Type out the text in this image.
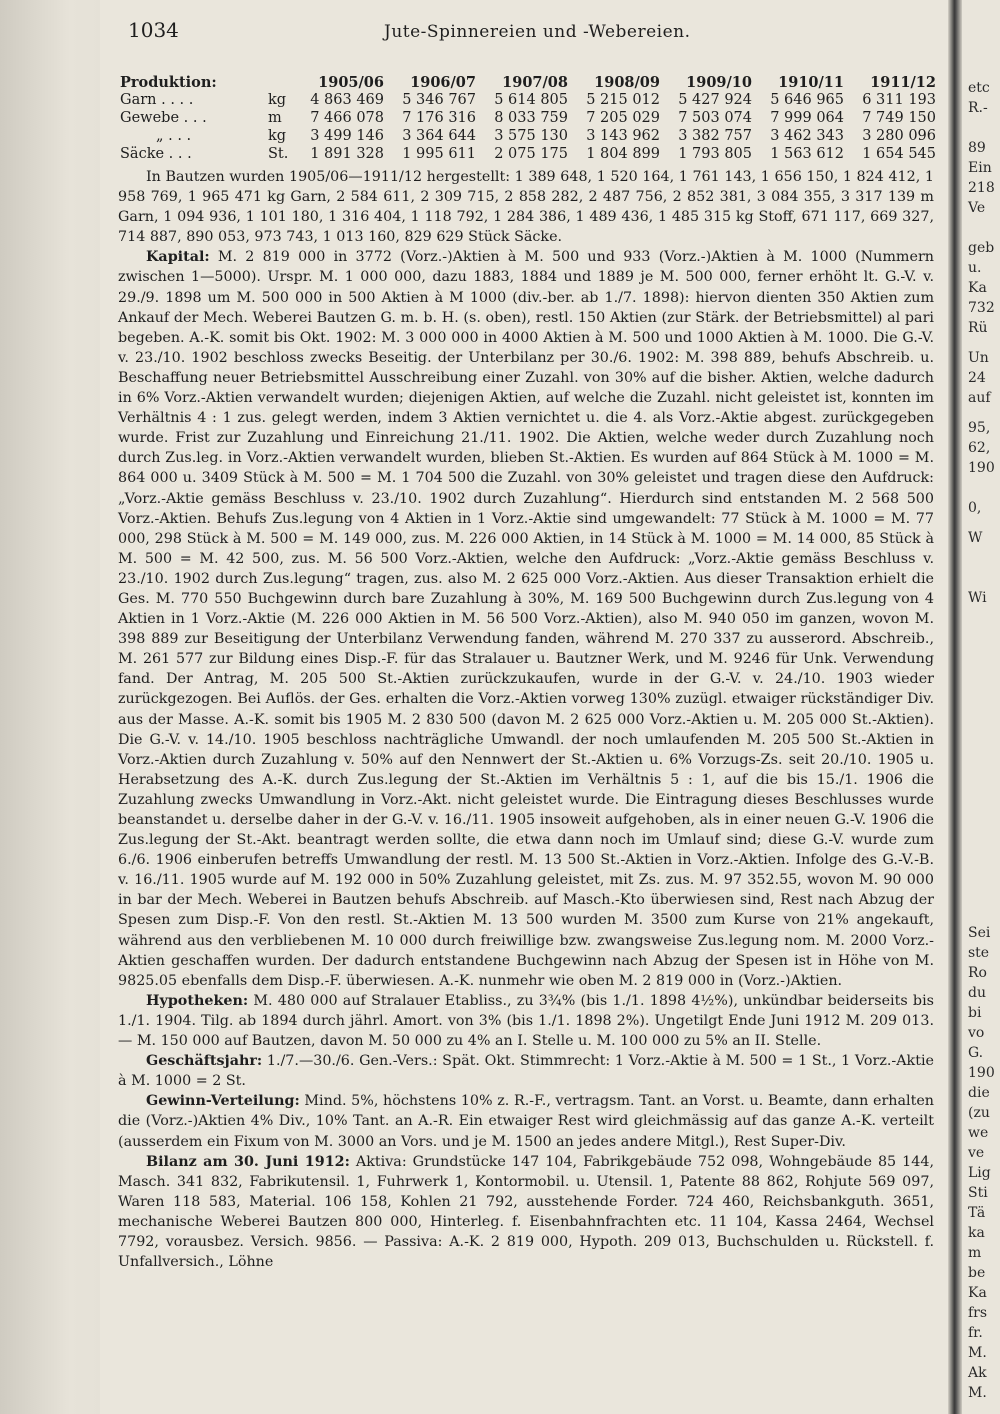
etc
R.-
89
Ein
218
Ve
geb
u.
Ka
732
Rü
Un
24
auf
95,
62,
190
0,
W
Wi
Sei
ste
Ro
du
bi
vo
G.
190
die
(zu
we
ve
Lig
Sti
Tä
ka
m
be
Ka
frs
fr.
M.
Ak
M.
1034	Jute-Spinnereien und -Webereien.
Produktion:	1905/06	1906/07	1907/08	1908/09	1909/10	1910/11	1911/12
Garn . . . .	kg	4 863 469	5 346 767	5 614 805	5 215 012	5 427 924	5 646 965	6 311 193
Gewebe . . .	m	7 466 078	7 176 316	8 033 759	7 205 029	7 503 074	7 999 064	7 749 150
„ . . .	kg	3 499 146	3 364 644	3 575 130	3 143 962	3 382 757	3 462 343	3 280 096
Säcke . . .	St.	1 891 328	1 995 611	2 075 175	1 804 899	1 793 805	1 563 612	1 654 545

In Bautzen wurden 1905/06—1911/12 hergestellt: 1 389 648, 1 520 164, 1 761 143, 1 656 150, 1 824 412, 1 958 769, 1 965 471 kg Garn, 2 584 611, 2 309 715, 2 858 282, 2 487 756, 2 852 381, 3 084 355, 3 317 139 m Garn, 1 094 936, 1 101 180, 1 316 404, 1 118 792, 1 284 386, 1 489 436, 1 485 315 kg Stoff, 671 117, 669 327, 714 887, 890 053, 973 743, 1 013 160, 829 629 Stück Säcke.

Kapital: M. 2 819 000 in 3772 (Vorz.-)Aktien à M. 500 und 933 (Vorz.-)Aktien à M. 1000 (Nummern zwischen 1—5000). Urspr. M. 1 000 000, dazu 1883, 1884 und 1889 je M. 500 000, ferner erhöht lt. G.-V. v. 29./9. 1898 um M. 500 000 in 500 Aktien à M 1000 (div.-ber. ab 1./7. 1898): hiervon dienten 350 Aktien zum Ankauf der Mech. Weberei Bautzen G. m. b. H. (s. oben), restl. 150 Aktien (zur Stärk. der Betriebsmittel) al pari begeben. A.-K. somit bis Okt. 1902: M. 3 000 000 in 4000 Aktien à M. 500 und 1000 Aktien à M. 1000. Die G.-V. v. 23./10. 1902 beschloss zwecks Beseitig. der Unterbilanz per 30./6. 1902: M. 398 889, behufs Abschreib. u. Beschaffung neuer Betriebsmittel Ausschreibung einer Zuzahl. von 30% auf die bisher. Aktien, welche dadurch in 6% Vorz.-Aktien verwandelt wurden; diejenigen Aktien, auf welche die Zuzahl. nicht geleistet ist, konnten im Verhältnis 4 : 1 zus. gelegt werden, indem 3 Aktien vernichtet u. die 4. als Vorz.-Aktie abgest. zurückgegeben wurde. Frist zur Zuzahlung und Einreichung 21./11. 1902. Die Aktien, welche weder durch Zuzahlung noch durch Zus.leg. in Vorz.-Aktien verwandelt wurden, blieben St.-Aktien. Es wurden auf 864 Stück à M. 1000 = M. 864 000 u. 3409 Stück à M. 500 = M. 1 704 500 die Zuzahl. von 30% geleistet und tragen diese den Aufdruck: „Vorz.-Aktie gemäss Beschluss v. 23./10. 1902 durch Zuzahlung“. Hierdurch sind entstanden M. 2 568 500 Vorz.-Aktien. Behufs Zus.legung von 4 Aktien in 1 Vorz.-Aktie sind umgewandelt: 77 Stück à M. 1000 = M. 77 000, 298 Stück à M. 500 = M. 149 000, zus. M. 226 000 Aktien, in 14 Stück à M. 1000 = M. 14 000, 85 Stück à M. 500 = M. 42 500, zus. M. 56 500 Vorz.-Aktien, welche den Aufdruck: „Vorz.-Aktie gemäss Beschluss v. 23./10. 1902 durch Zus.legung“ tragen, zus. also M. 2 625 000 Vorz.-Aktien. Aus dieser Transaktion erhielt die Ges. M. 770 550 Buchgewinn durch bare Zuzahlung à 30%, M. 169 500 Buchgewinn durch Zus.legung von 4 Aktien in 1 Vorz.-Aktie (M. 226 000 Aktien in M. 56 500 Vorz.-Aktien), also M. 940 050 im ganzen, wovon M. 398 889 zur Beseitigung der Unterbilanz Verwendung fanden, während M. 270 337 zu ausserord. Abschreib., M. 261 577 zur Bildung eines Disp.-F. für das Stralauer u. Bautzner Werk, und M. 9246 für Unk. Verwendung fand. Der Antrag, M. 205 500 St.-Aktien zurückzukaufen, wurde in der G.-V. v. 24./10. 1903 wieder zurückgezogen. Bei Auflös. der Ges. erhalten die Vorz.-Aktien vorweg 130% zuzügl. etwaiger rückständiger Div. aus der Masse. A.-K. somit bis 1905 M. 2 830 500 (davon M. 2 625 000 Vorz.-Aktien u. M. 205 000 St.-Aktien). Die G.-V. v. 14./10. 1905 beschloss nachträgliche Umwandl. der noch umlaufenden M. 205 500 St.-Aktien in Vorz.-Aktien durch Zuzahlung v. 50% auf den Nennwert der St.-Aktien u. 6% Vorzugs-Zs. seit 20./10. 1905 u. Herabsetzung des A.-K. durch Zus.legung der St.-Aktien im Verhältnis 5 : 1, auf die bis 15./1. 1906 die Zuzahlung zwecks Umwandlung in Vorz.-Akt. nicht geleistet wurde. Die Eintragung dieses Beschlusses wurde beanstandet u. derselbe daher in der G.-V. v. 16./11. 1905 insoweit aufgehoben, als in einer neuen G.-V. 1906 die Zus.legung der St.-Akt. beantragt werden sollte, die etwa dann noch im Umlauf sind; diese G.-V. wurde zum 6./6. 1906 einberufen betreffs Umwandlung der restl. M. 13 500 St.-Aktien in Vorz.-Aktien. Infolge des G.-V.-B. v. 16./11. 1905 wurde auf M. 192 000 in 50% Zuzahlung geleistet, mit Zs. zus. M. 97 352.55, wovon M. 90 000 in bar der Mech. Weberei in Bautzen behufs Abschreib. auf Masch.-Kto überwiesen sind, Rest nach Abzug der Spesen zum Disp.-F. Von den restl. St.-Aktien M. 13 500 wurden M. 3500 zum Kurse von 21% angekauft, während aus den verbliebenen M. 10 000 durch freiwillige bzw. zwangsweise Zus.legung nom. M. 2000 Vorz.-Aktien geschaffen wurden. Der dadurch entstandene Buchgewinn nach Abzug der Spesen ist in Höhe von M. 9825.05 ebenfalls dem Disp.-F. überwiesen. A.-K. nunmehr wie oben M. 2 819 000 in (Vorz.-)Aktien.

Hypotheken: M. 480 000 auf Stralauer Etabliss., zu 3¾% (bis 1./1. 1898 4½%), unkündbar beiderseits bis 1./1. 1904. Tilg. ab 1894 durch jährl. Amort. von 3% (bis 1./1. 1898 2%). Ungetilgt Ende Juni 1912 M. 209 013. — M. 150 000 auf Bautzen, davon M. 50 000 zu 4% an I. Stelle u. M. 100 000 zu 5% an II. Stelle.

Geschäftsjahr: 1./7.—30./6. Gen.-Vers.: Spät. Okt. Stimmrecht: 1 Vorz.-Aktie à M. 500 = 1 St., 1 Vorz.-Aktie à M. 1000 = 2 St.

Gewinn-Verteilung: Mind. 5%, höchstens 10% z. R.-F., vertragsm. Tant. an Vorst. u. Beamte, dann erhalten die (Vorz.-)Aktien 4% Div., 10% Tant. an A.-R. Ein etwaiger Rest wird gleichmässig auf das ganze A.-K. verteilt (ausserdem ein Fixum von M. 3000 an Vors. und je M. 1500 an jedes andere Mitgl.), Rest Super-Div.

Bilanz am 30. Juni 1912: Aktiva: Grundstücke 147 104, Fabrikgebäude 752 098, Wohngebäude 85 144, Masch. 341 832, Fabrikutensil. 1, Fuhrwerk 1, Kontormobil. u. Utensil. 1, Patente 88 862, Rohjute 569 097, Waren 118 583, Material. 106 158, Kohlen 21 792, ausstehende Forder. 724 460, Reichsbankguth. 3651, mechanische Weberei Bautzen 800 000, Hinterleg. f. Eisenbahnfrachten etc. 11 104, Kassa 2464, Wechsel 7792, vorausbez. Versich. 9856. — Passiva: A.-K. 2 819 000, Hypoth. 209 013, Buchschulden u. Rückstell. f. Unfallversich., Löhne
